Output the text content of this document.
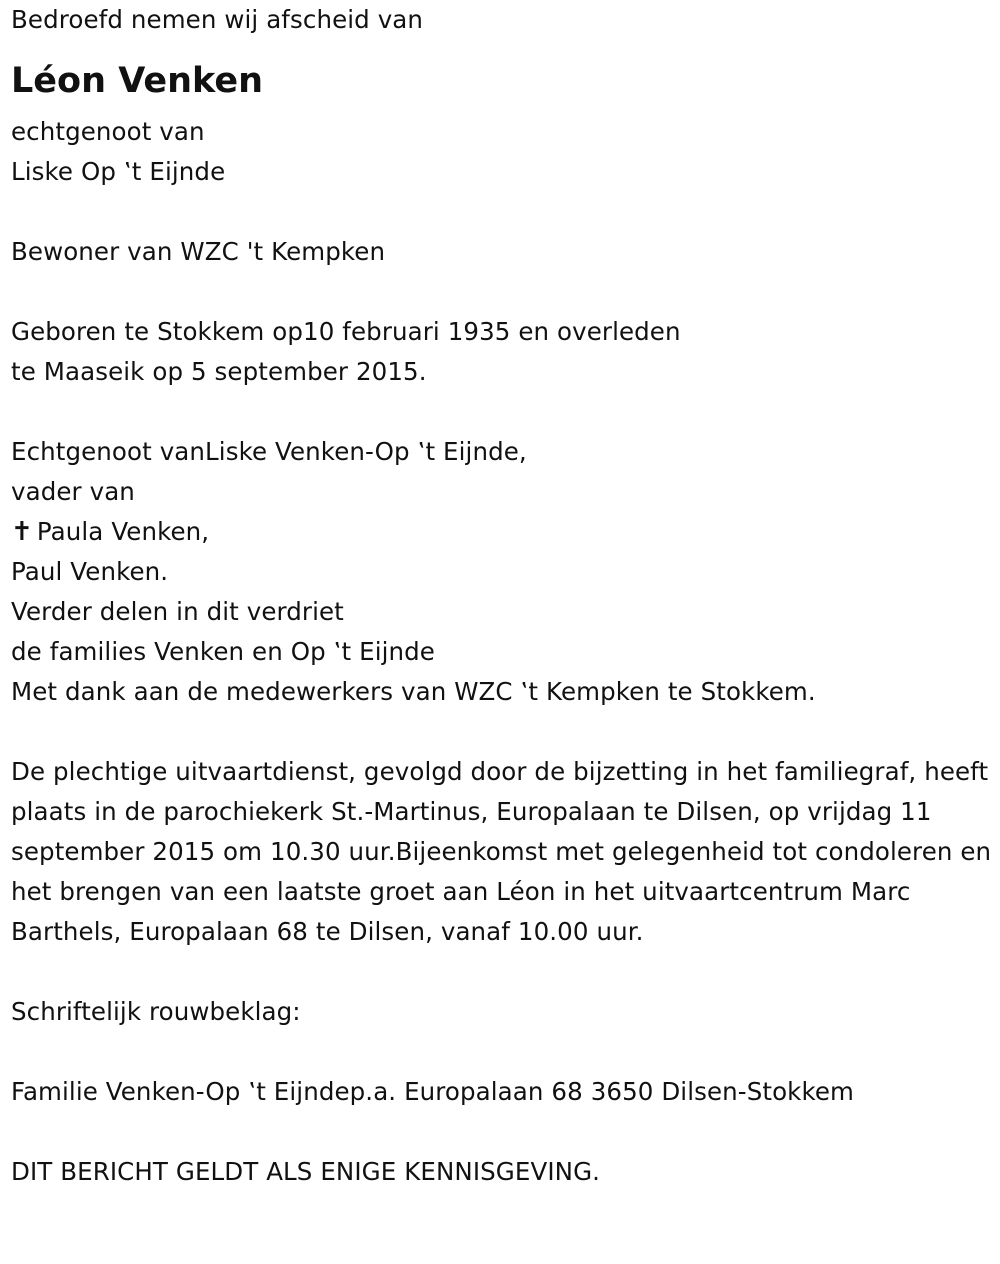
Bedroefd nemen wij afscheid van
Léon Venken
echtgenoot van
Liske Op ‛t Eijnde
Bewoner van WZC 't Kempken
Geboren te Stokkem op10 februari 1935 en overleden
te Maaseik op 5 september 2015.
Echtgenoot vanLiske Venken-Op ‛t Eijnde,
vader van
✝ Paula Venken,
Paul Venken.
Verder delen in dit verdriet
de families Venken en Op ‛t Eijnde
Met dank aan de medewerkers van WZC ‛t Kempken te Stokkem.
De plechtige uitvaartdienst, gevolgd door de bijzetting in het familiegraf, heeft plaats in de parochiekerk St.-Martinus, Europalaan te Dilsen, op vrijdag 11 september 2015 om 10.30 uur.Bijeenkomst met gelegenheid tot condoleren en het brengen van een laatste groet aan Léon in het uitvaartcentrum Marc Barthels, Europalaan 68 te Dilsen, vanaf 10.00 uur.
Schriftelijk rouwbeklag:
Familie Venken-Op ‛t Eijndep.a. Europalaan 68 3650 Dilsen-Stokkem
DIT BERICHT GELDT ALS ENIGE KENNISGEVING.
